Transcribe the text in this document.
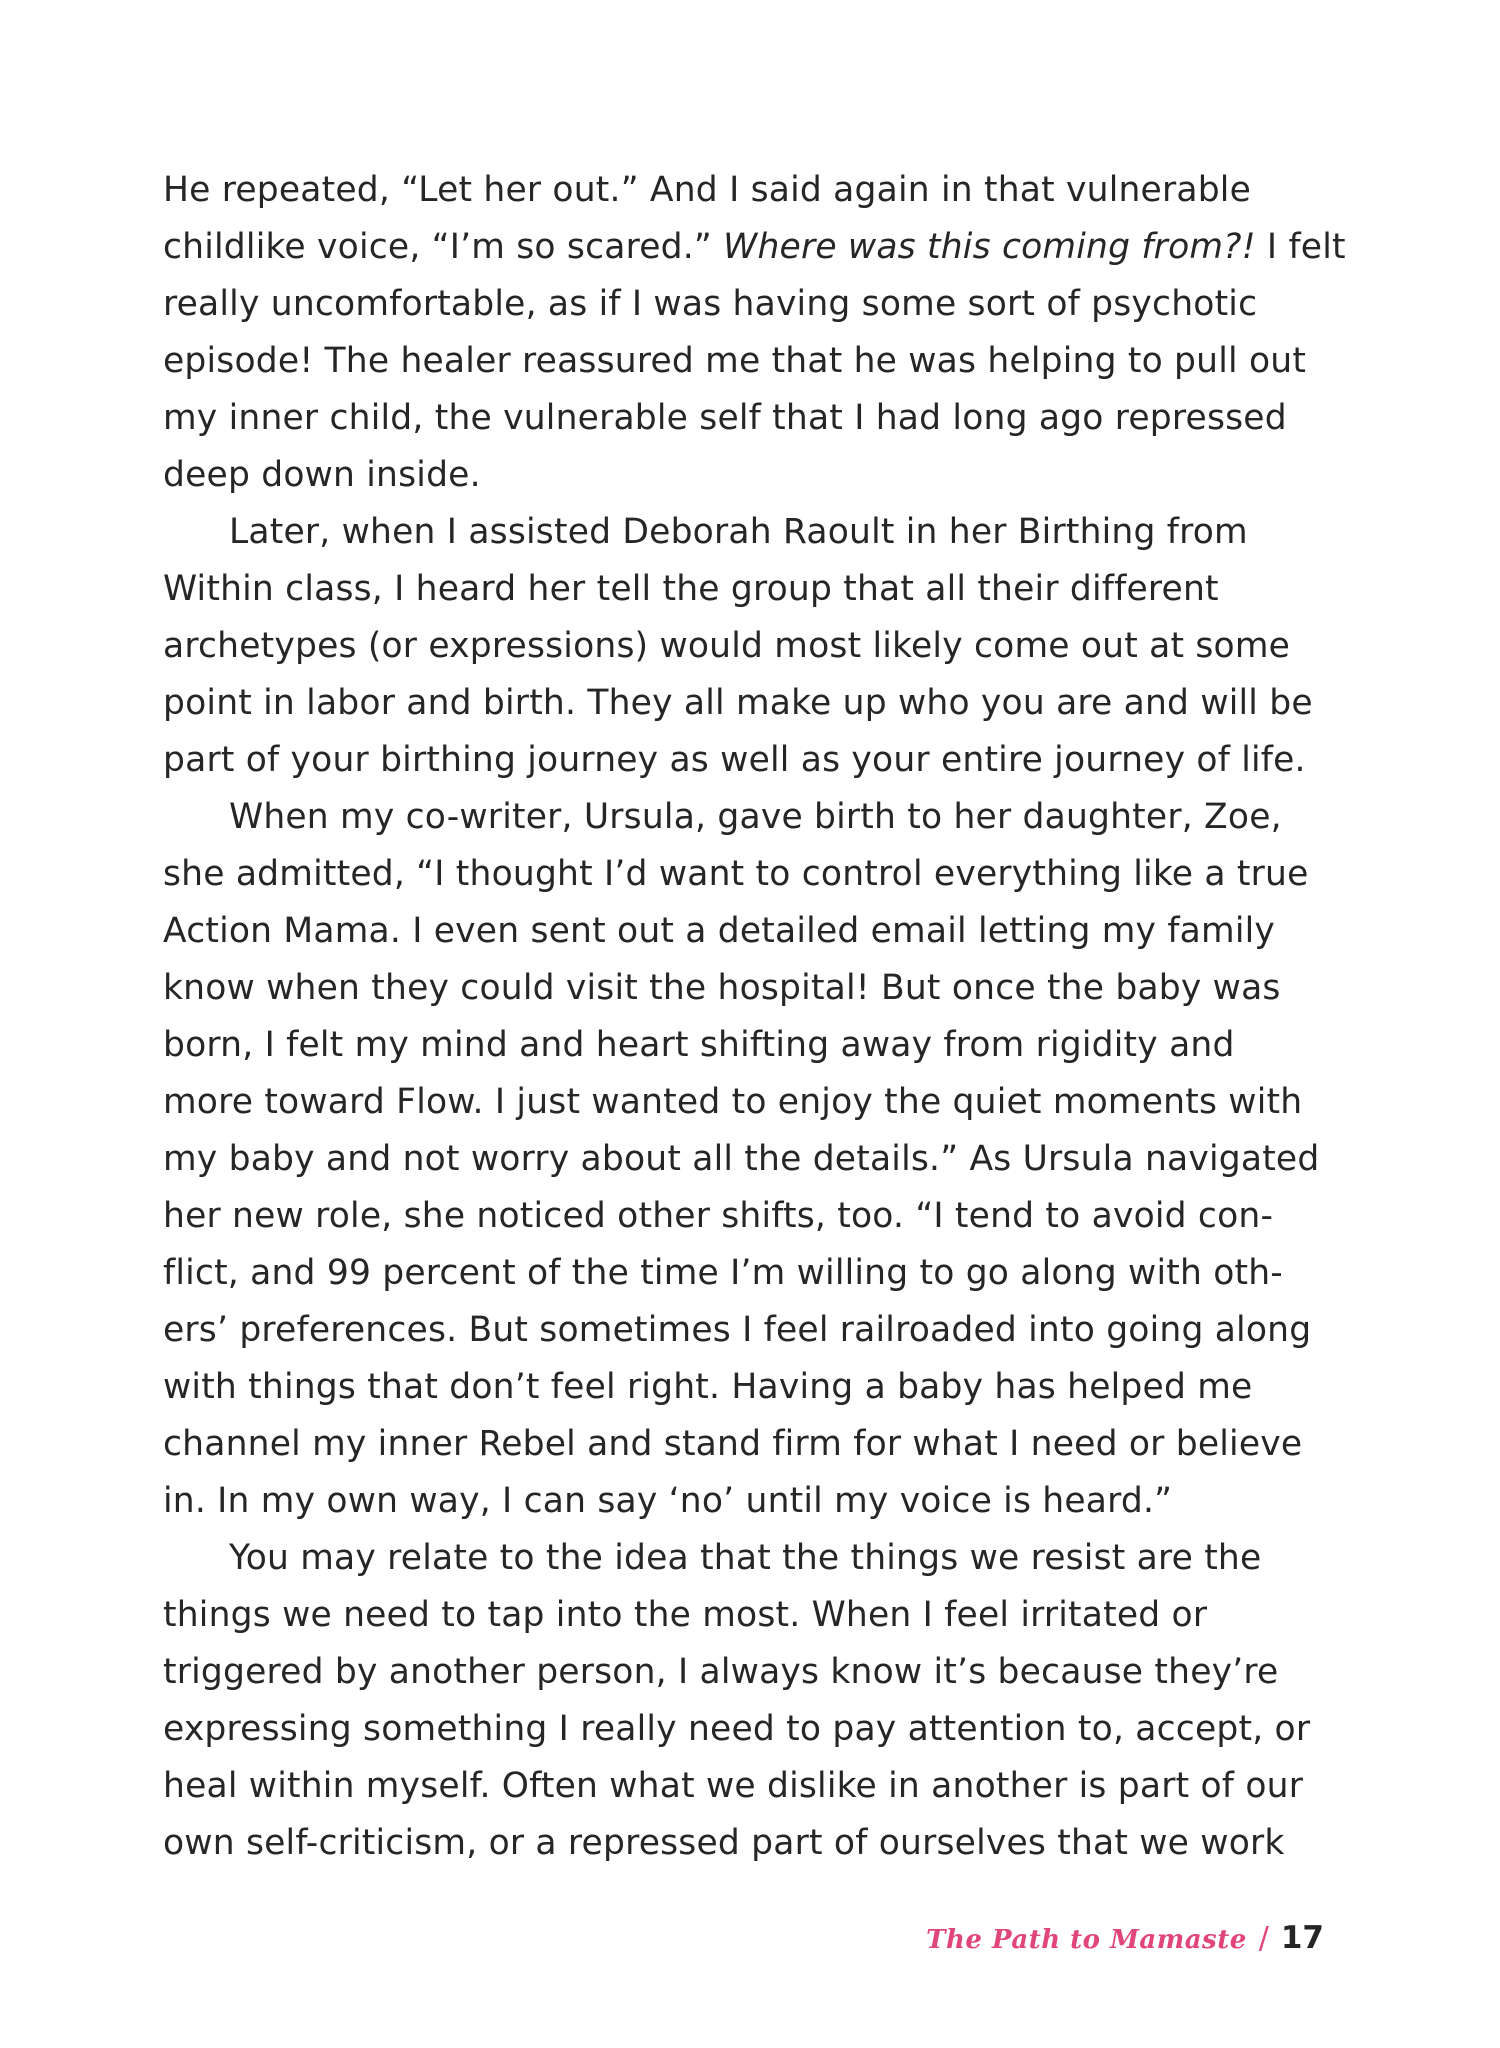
He repeated, “Let her out.” And I said again in that vulnerable
childlike voice, “I’m so scared.” Where was this coming from?! I felt
really uncomfortable, as if I was having some sort of psychotic
episode! The healer reassured me that he was helping to pull out
my inner child, the vulnerable self that I had long ago repressed
deep down inside.
Later, when I assisted Deborah Raoult in her Birthing from
Within class, I heard her tell the group that all their different
archetypes (or expressions) would most likely come out at some
point in labor and birth. They all make up who you are and will be
part of your birthing journey as well as your entire journey of life.
When my co-writer, Ursula, gave birth to her daughter, Zoe,
she admitted, “I thought I’d want to control everything like a true
Action Mama. I even sent out a detailed email letting my family
know when they could visit the hospital! But once the baby was
born, I felt my mind and heart shifting away from rigidity and
more toward Flow. I just wanted to enjoy the quiet moments with
my baby and not worry about all the details.” As Ursula navigated
her new role, she noticed other shifts, too. “I tend to avoid con-
flict, and 99 percent of the time I’m willing to go along with oth-
ers’ preferences. But sometimes I feel railroaded into going along
with things that don’t feel right. Having a baby has helped me
channel my inner Rebel and stand firm for what I need or believe
in. In my own way, I can say ‘no’ until my voice is heard.”
You may relate to the idea that the things we resist are the
things we need to tap into the most. When I feel irritated or
triggered by another person, I always know it’s because they’re
expressing something I really need to pay attention to, accept, or
heal within myself. Often what we dislike in another is part of our
own self-criticism, or a repressed part of ourselves that we work
The Path to Mamaste / 17
